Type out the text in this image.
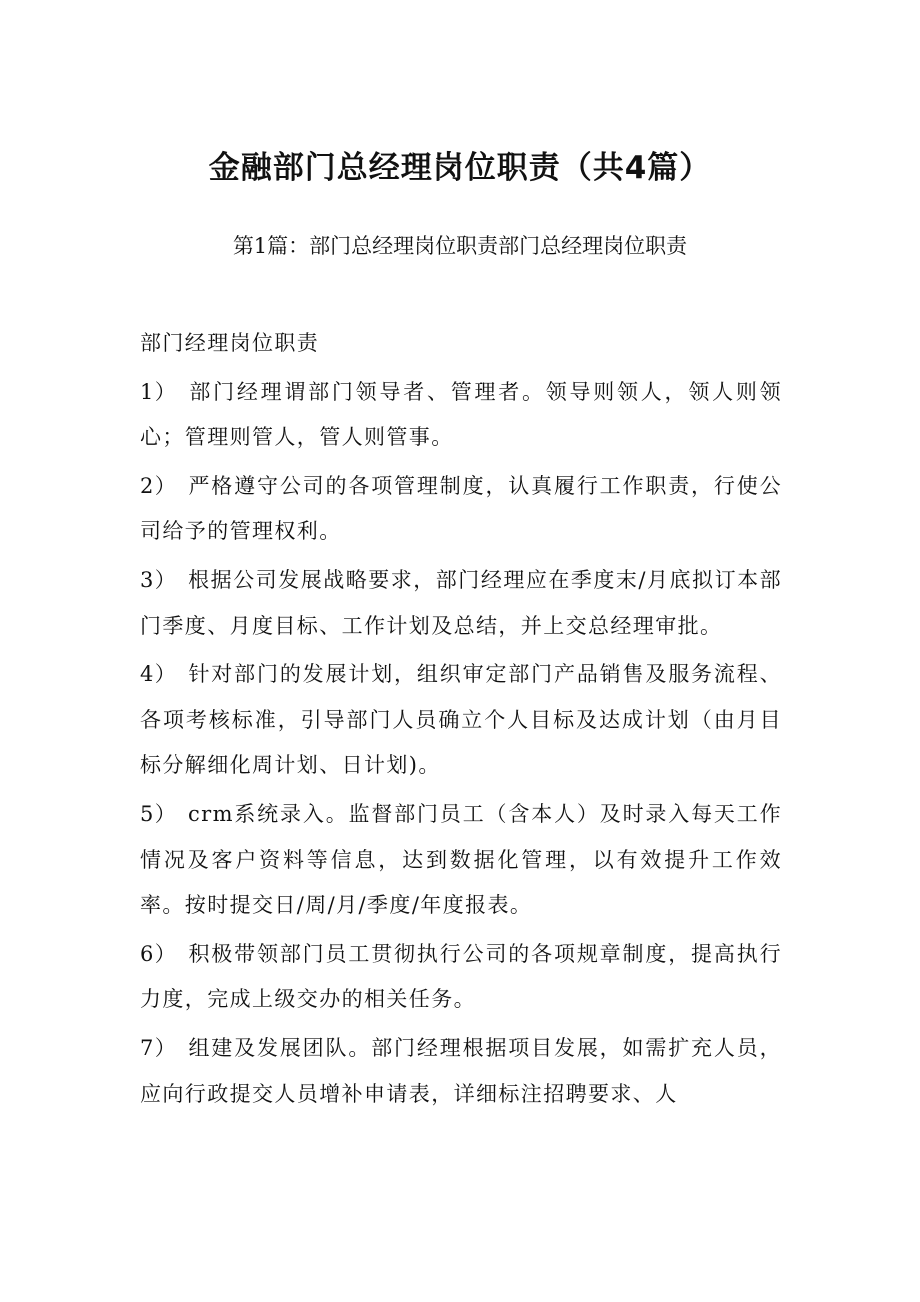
金融部门总经理岗位职责（共4篇）

第1篇：部门总经理岗位职责部门总经理岗位职责

部门经理岗位职责

1） 部门经理谓部门领导者、管理者。领导则领人，领人则领心；管理则管人，管人则管事。

2） 严格遵守公司的各项管理制度，认真履行工作职责，行使公司给予的管理权利。

3） 根据公司发展战略要求，部门经理应在季度末/月底拟订本部门季度、月度目标、工作计划及总结，并上交总经理审批。

4） 针对部门的发展计划，组织审定部门产品销售及服务流程、各项考核标准，引导部门人员确立个人目标及达成计划（由月目标分解细化周计划、日计划)。

5） crm系统录入。监督部门员工（含本人）及时录入每天工作情况及客户资料等信息，达到数据化管理，以有效提升工作效率。按时提交日/周/月/季度/年度报表。

6） 积极带领部门员工贯彻执行公司的各项规章制度，提高执行力度，完成上级交办的相关任务。

7） 组建及发展团队。部门经理根据项目发展，如需扩充人员，应向行政提交人员增补申请表，详细标注招聘要求、人
